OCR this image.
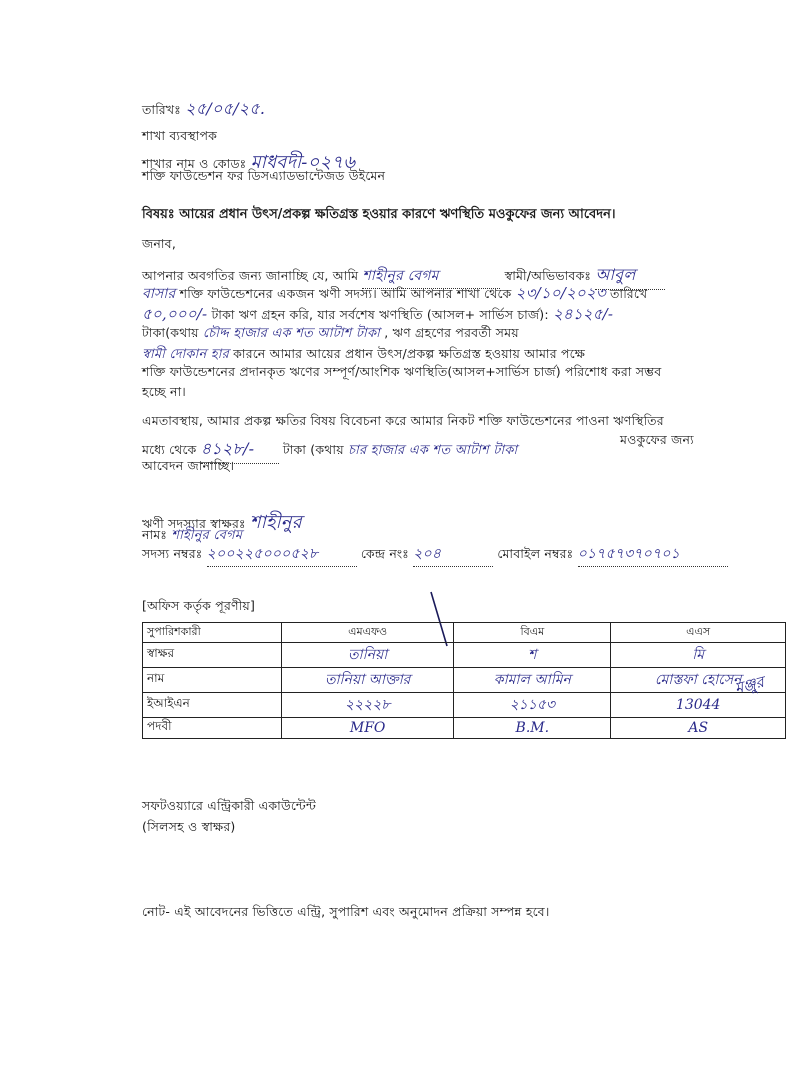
তারিখঃ ২৫/০৫/২৫.
শাখা ব্যবস্থাপক
শাখার নাম ও কোডঃ মাধবদী-০২৭৬
শক্তি ফাউন্ডেশন ফর ডিসএ্যাডভান্টেজড উইমেন
বিষয়ঃ আয়ের প্রধান উৎস/প্রকল্প ক্ষতিগ্রস্ত হওয়ার কারণে ঋণস্থিতি মওকুফের জন্য আবেদন।
জনাব,
আপনার অবগতির জন্য জানাচ্ছি যে, আমি শাহীনুর বেগম	স্বামী/অভিভাবকঃ আবুল
বাসার শক্তি ফাউন্ডেশনের একজন ঋণী সদস্য। আমি আপনার শাখা থেকে ২৩/১০/২০২৩ তারিখে
৫০,০০০/- টাকা ঋণ গ্রহন করি, যার সর্বশেষ ঋণস্থিতি (আসল+ সার্ভিস চার্জ): ২৪১২৫/-
টাকা(কথায় চৌদ্দ হাজার এক শত আটাশ টাকা , ঋণ গ্রহণের পরবর্তী সময়
স্বামী দোকান হার কারনে আমার আয়ের প্রধান উৎস/প্রকল্প ক্ষতিগ্রস্ত হওয়ায় আমার পক্ষে
শক্তি ফাউন্ডেশনের প্রদানকৃত ঋণের সম্পূর্ণ/আংশিক ঋণস্থিতি(আসল+সার্ভিস চার্জ) পরিশোধ করা সম্ভব
হচ্ছে না।
এমতাবস্থায়, আমার প্রকল্প ক্ষতির বিষয় বিবেচনা করে আমার নিকট শক্তি ফাউন্ডেশনের পাওনা ঋণস্থিতির
মধ্যে থেকে ৪১২৮/- টাকা (কথায় চার হাজার এক শত আটাশ টাকা
মওকুফের জন্য
আবেদন জানাচ্ছি।
ঋণী সদস্যার স্বাক্ষরঃ শাহীনুর
নামঃ শাহীনুর বেগম
সদস্য নম্বরঃ ২০০২২৫০০০৫২৮	কেন্দ্র নংঃ ২০৪	মোবাইল নম্বরঃ ০১৭৫৭৩৭০৭০১
[অফিস কর্তৃক পূরণীয়]
সুপারিশকারী	এমএফও	বিএম	এএস
স্বাক্ষর	তানিয়া	শ	মি
নাম	তানিয়া আক্তার	কামাল আমিন	মোস্তফা হোসেন
ইআইএন	২২২২৮	২১১৫৩	13044
পদবী	MFO	B.M.	AS
মঞ্জুর
সফটওয়্যারে এন্ট্রিকারী একাউন্টেন্ট
(সিলসহ ও স্বাক্ষর)
নোট- এই আবেদনের ভিত্তিতে এন্ট্রি, সুপারিশ এবং অনুমোদন প্রক্রিয়া সম্পন্ন হবে।
